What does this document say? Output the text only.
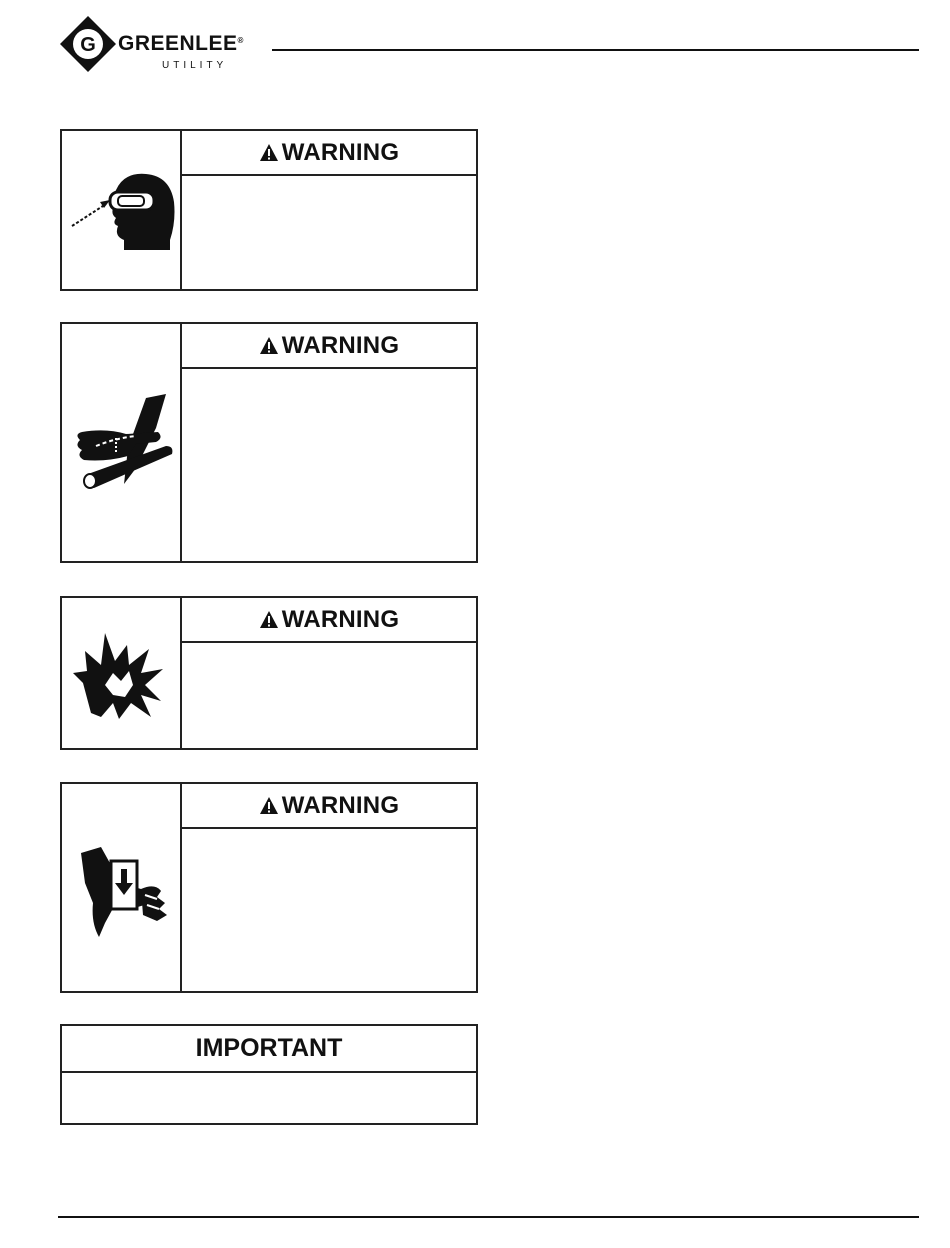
G GREENLEE®
UTILITY
WARNING
WARNING
WARNING
WARNING
IMPORTANT
